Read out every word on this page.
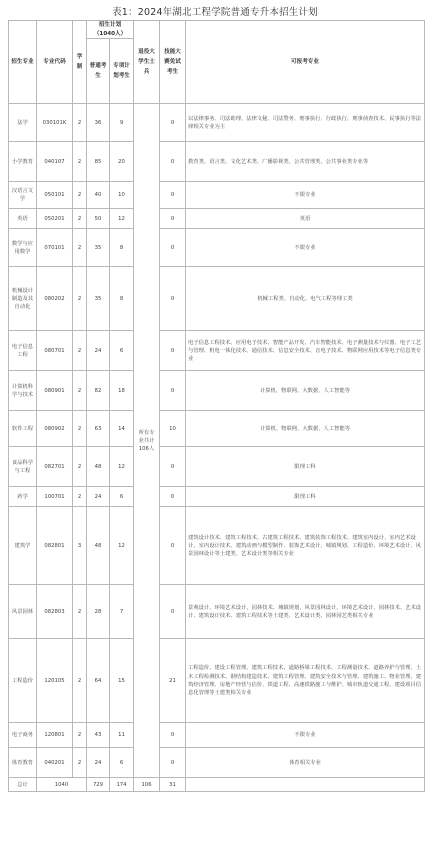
表1：2024年湖北工程学院普通专升本招生计划
招生专业	专业代码	学制	招生计划（1040人）		退役大学生士兵	技能大赛免试考生	可报考专业
			普通考生	专项计划考生			
法学	030101K	2	36	9	所有专业共计106人	0	以法律事务、司法助理、法律文秘、司法警务、刑事执行、行政执行、刑事侦查技术、民事执行等法律相关专业为主
小学教育	040107	2	85	20		0	教育类、语言类、文化艺术类、广播影视类、公共管理类、公共事业类专业等
汉语言文学	050101	2	40	10		0	不限专业
英语	050201	2	50	12		0	英语
数学与应用数学	070101	2	35	8		0	不限专业
机械设计制造及其自动化	080202	2	35	8		0	机械工程类、自动化、电气工程等理工类
电子信息工程	080701	2	24	6		0	电子信息工程技术、应用电子技术、智能产品开发、汽车智能技术、电子测量技术与仪器、电子工艺与管理、机电一体化技术、通信技术、信息安全技术、音电子技术、物联网应用技术等电子信息类专业
计算机科学与技术	080901	2	82	18		0	计算机、物联网、大数据、人工智能等
软件工程	080902	2	63	14		10	计算机、物联网、大数据、人工智能等
食品科学与工程	082701	2	48	12		0	限理工科
药学	100701	2	24	6		0	限理工科
建筑学	082801	3	48	12		0	建筑设计技术、建筑工程技术、古建筑工程技术、建筑装饰工程技术、建筑室内设计、室内艺术设计、室内设计技术、建筑动画与模型制作、装饰艺术设计、城镇规划、工程造价、环境艺术设计、风景园林设计等土建类、艺术设计类等相关专业
风景园林	082803	2	28	7		0	景观设计、环境艺术设计、园林技术、城镇规划、风景园林设计、环境艺术设计、园林技术、艺术设计、建筑设计技术、建筑工程技术等土建类、艺术设计类、园林园艺类相关专业
工程造价	120105	2	64	15		21	工程造价、建设工程管理、建筑工程技术、道路桥梁工程技术、工程测量技术、道路养护与管理、土木工程检测技术、钢结构建造技术、建筑工程管理、建筑安全技术与管理、建筑施工、物业管理、建筑经济管理、房地产经营与估价、铁道工程、高速铁路施工与维护、城市轨道交通工程、建设项目信息化管理等土建类相关专业
电子商务	120801	2	43	11		0	不限专业
体育教育	040201	2	24	6		0	体育相关专业
总计	1040		729	174	106	31	
